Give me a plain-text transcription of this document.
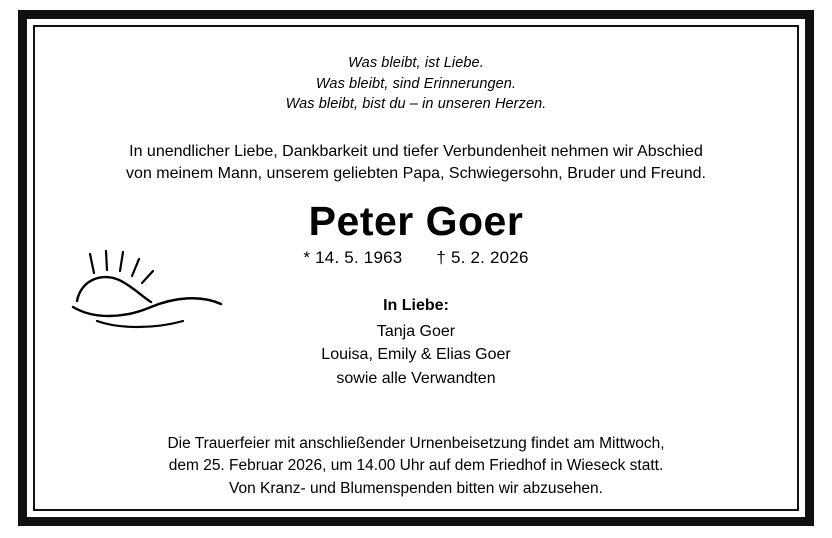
Was bleibt, ist Liebe.
Was bleibt, sind Erinnerungen.
Was bleibt, bist du – in unseren Herzen.
In unendlicher Liebe, Dankbarkeit und tiefer Verbundenheit nehmen wir Abschied
von meinem Mann, unserem geliebten Papa, Schwiegersohn, Bruder und Freund.
Peter Goer
* 14. 5. 1963 † 5. 2. 2026
In Liebe:
Tanja Goer
Louisa, Emily & Elias Goer
sowie alle Verwandten
Die Trauerfeier mit anschließender Urnenbeisetzung findet am Mittwoch,
dem 25. Februar 2026, um 14.00 Uhr auf dem Friedhof in Wieseck statt.
Von Kranz- und Blumenspenden bitten wir abzusehen.
